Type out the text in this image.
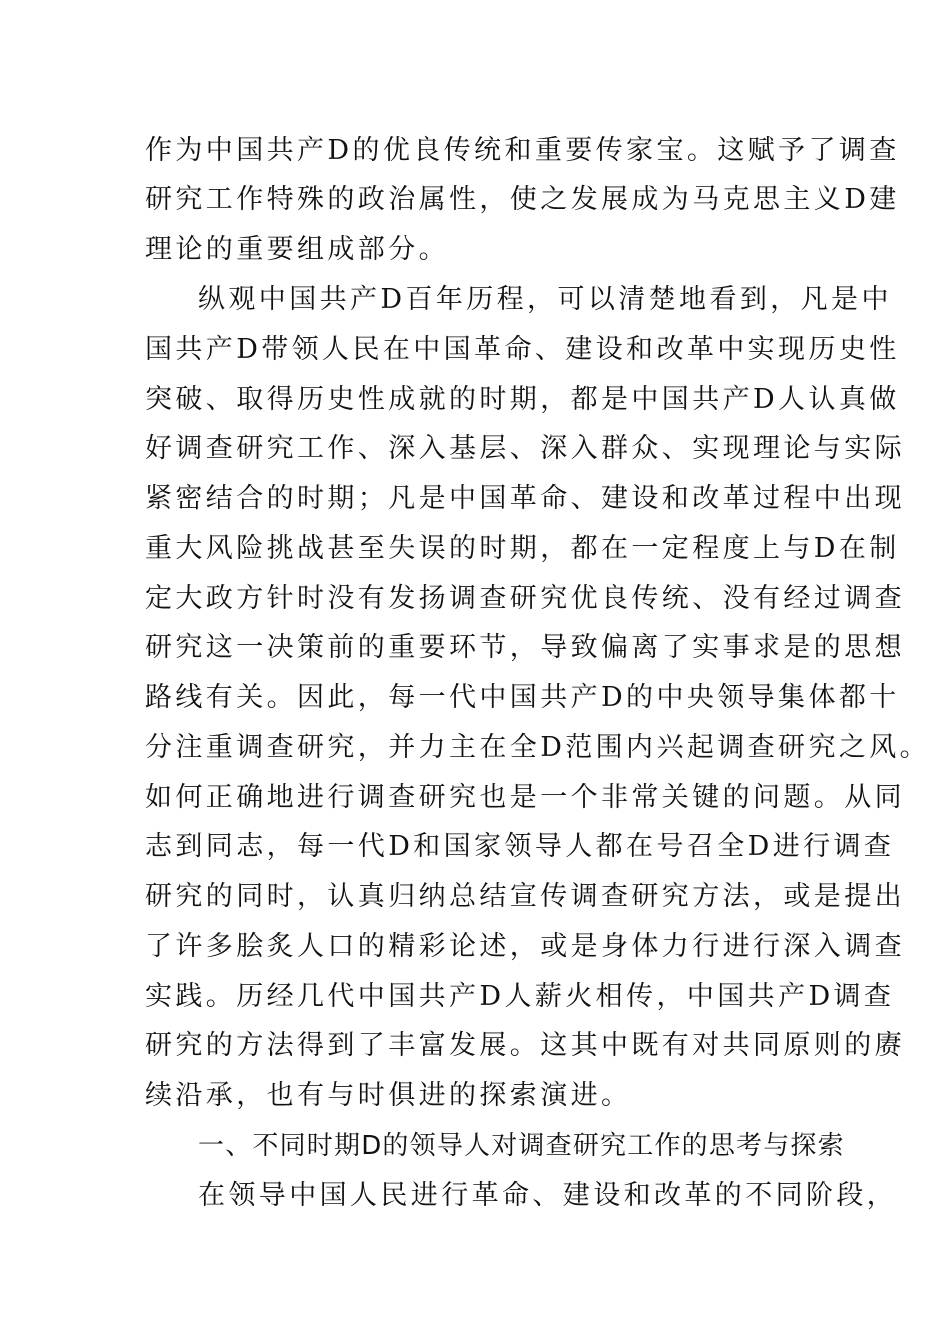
作为中国共产D的优良传统和重要传家宝。这赋予了调查
研究工作特殊的政治属性，使之发展成为马克思主义D建
理论的重要组成部分。
纵观中国共产D百年历程，可以清楚地看到，凡是中
国共产D带领人民在中国革命、建设和改革中实现历史性
突破、取得历史性成就的时期，都是中国共产D人认真做
好调查研究工作、深入基层、深入群众、实现理论与实际
紧密结合的时期；凡是中国革命、建设和改革过程中出现
重大风险挑战甚至失误的时期，都在一定程度上与D在制
定大政方针时没有发扬调查研究优良传统、没有经过调查
研究这一决策前的重要环节，导致偏离了实事求是的思想
路线有关。因此，每一代中国共产D的中央领导集体都十
分注重调查研究，并力主在全D范围内兴起调查研究之风。
如何正确地进行调查研究也是一个非常关键的问题。从同
志到同志，每一代D和国家领导人都在号召全D进行调查
研究的同时，认真归纳总结宣传调查研究方法，或是提出
了许多脍炙人口的精彩论述，或是身体力行进行深入调查
实践。历经几代中国共产D人薪火相传，中国共产D调查
研究的方法得到了丰富发展。这其中既有对共同原则的赓
续沿承，也有与时俱进的探索演进。
一、不同时期D的领导人对调查研究工作的思考与探索
在领导中国人民进行革命、建设和改革的不同阶段，
